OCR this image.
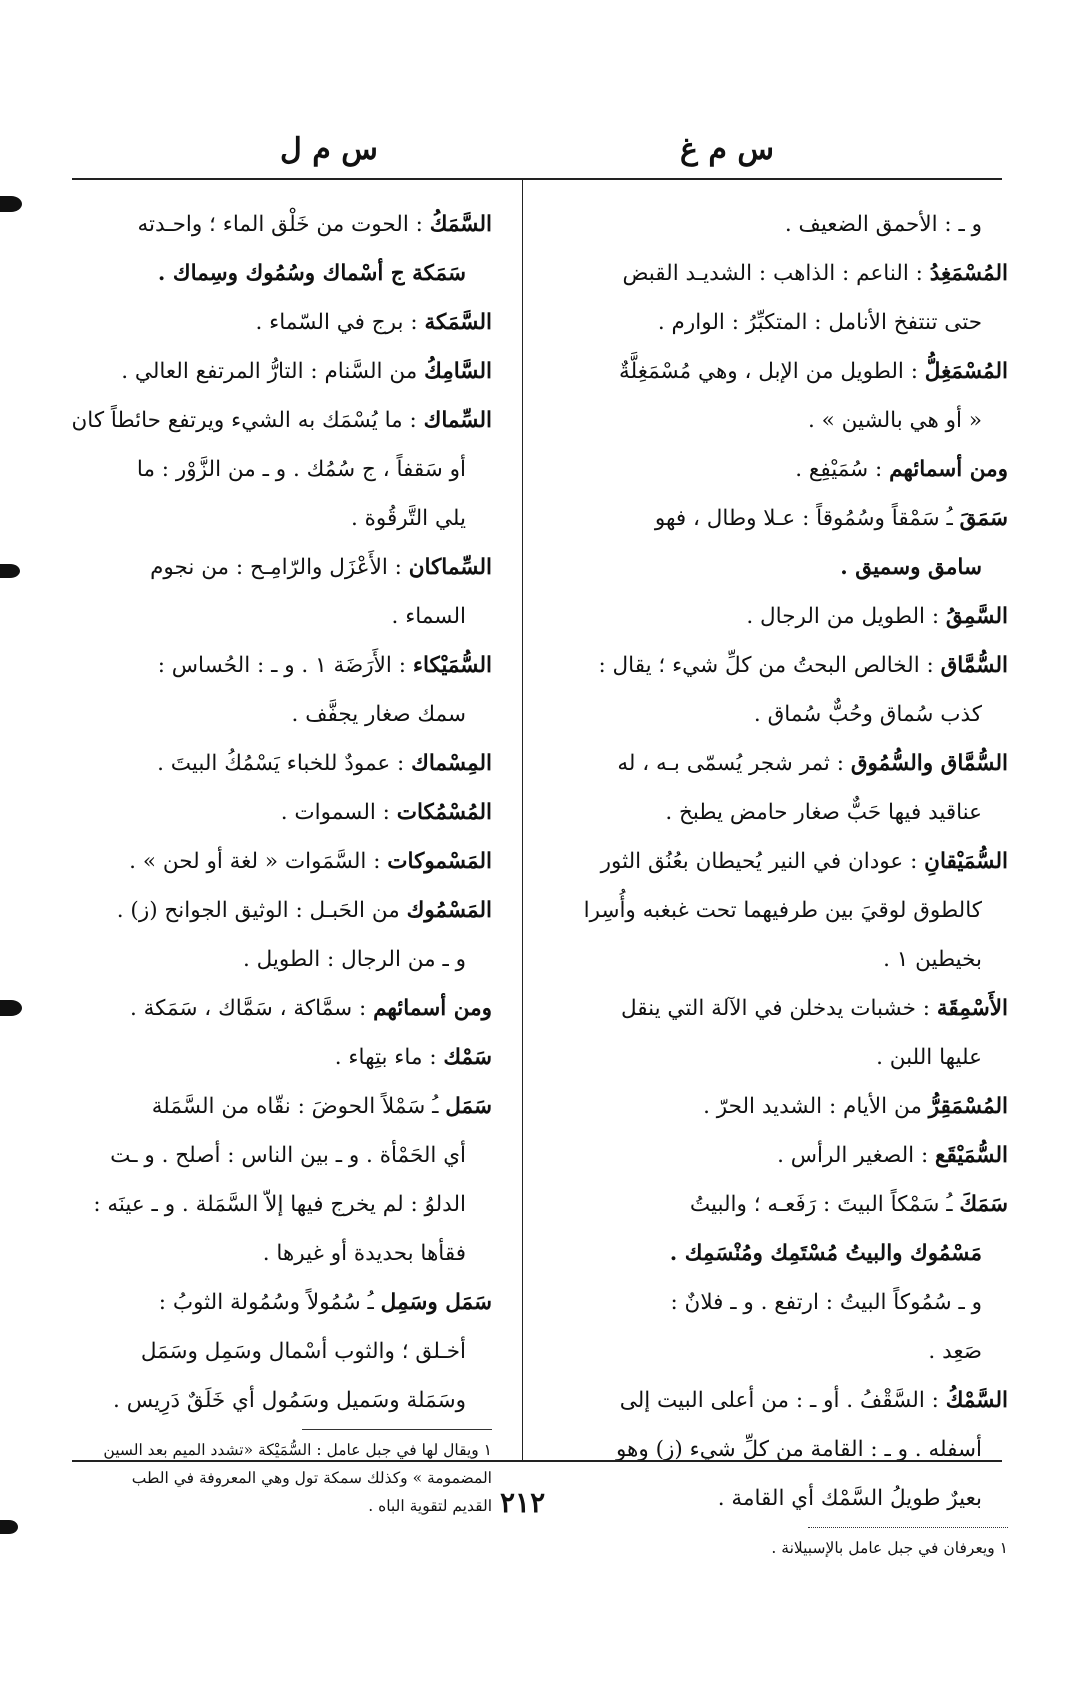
س م غ
س م ل
و ـ : الأحمق الضعيف .
المُسْمَغِدُ : الناعم : الذاهب : الشديـد القبض
حتى تنتفخ الأنامل : المتكبِّرُ : الوارم .
المُسْمَغِلُّ : الطويل من الإبل ، وهي مُسْمَغِلَّةٌ
« أو هي بالشين » .
ومن أسمائهم : سُمَيْفِع .
سَمَقَ ـُ سَمْقاً وسُمُوقاً : عـلا وطال ، فهو
سامق وسميق .
السَّمِقُ : الطويل من الرجال .
السُّمَّاق : الخالص البحتُ من كلِّ شيء ؛ يقال :
كذب سُماق وحُبٌّ سُماق .
السُّمَّاق والسُّمُوق : ثمر شجر يُسمّى بـه ، له
عناقيد فيها حَبٌّ صغار حامض يطبخ .
السُّمَيْقانِ : عودان في النير يُحيطان بعُنُق الثور
كالطوق لوقيَ بين طرفيهما تحت غبغبه وأُسِرا
بخيطين ١ .
الأَسْمِقَة : خشبات يدخلن في الآلة التي ينقل
عليها اللبن .
المُسْمَقِرُّ من الأيام : الشديد الحرّ .
السُّمَيْقَع : الصغير الرأس .
سَمَكَ ـُ سَمْكاً البيتَ : رَفَعـه ؛ والبيتُ
مَسْمُوك والبيتُ مُسْتَمِك ومُنْسَمِك .
و ـ سُمُوكاً البيتُ : ارتفع . و ـ فلانٌ :
صَعِد .
السَّمْكُ : السَّقْفُ . أو ـ : من أعلى البيت إلى
أسفله . و ـ : القامة من كلِّ شيء (ز) وهو
بعيرٌ طويلُ السَّمْك أي القامة .
١ ويعرفان في جبل عامل بالإسبيلانة .
السَّمَكُ : الحوت من خَلْق الماء ؛ واحـدته
سَمَكة ج أسْماك وسُمُوك وسِماك .
السَّمَكة : برج في السّماء .
السَّامِكُ من السَّنام : التارُّ المرتفع العالي .
السِّماك : ما يُسْمَك به الشيء ويرتفع حائطاً كان
أو سَقفاً ، ج سُمُك . و ـ من الزَّوْر : ما
يلي التَّرقُوة .
السِّماكان : الأَعْزَل والرّامِـح : من نجوم
السماء .
السُّمَيْكاء : الأَرَضَة ١ . و ـ : الحُساس :
سمك صغار يجفَّف .
المِسْماك : عمودٌ للخباء يَسْمُكُ البيتَ .
المُسْمُكات : السموات .
المَسْموكات : السَّمَوات « لغة أو لحن » .
المَسْمُوك من الحَبـل : الوثيق الجوانح (ز) .
و ـ من الرجال : الطويل .
ومن أسمائهم : سمَّاكة ، سَمَّاك ، سَمَكة .
سَمْك : ماء بتِهاء .
سَمَل ـُ سَمْلاً الحوضَ : نقّاه من السَّمَلة
أي الحَمْأة . و ـ بين الناس : أصلح . و ـت
الدلوُ : لم يخرج فيها إلاّ السَّمَلة . و ـ عينَه :
فقأها بحديدة أو غيرها .
سَمَل وسَمِل ـُ سُمُولاً وسُمُولة الثوبُ :
أخـلق ؛ والثوب أسْمال وسَمِل وسَمَل
وسَمَلة وسَميل وسَمُول أي خَلَقٌ دَرِيس .
١ ويقال لها في جبل عامل : السُّمَيْكة «تشدد الميم بعد السين
المضمومة » وكذلك سمكة تول وهي المعروفة في الطب
القديم لتقوية الباه . ٢١٢
